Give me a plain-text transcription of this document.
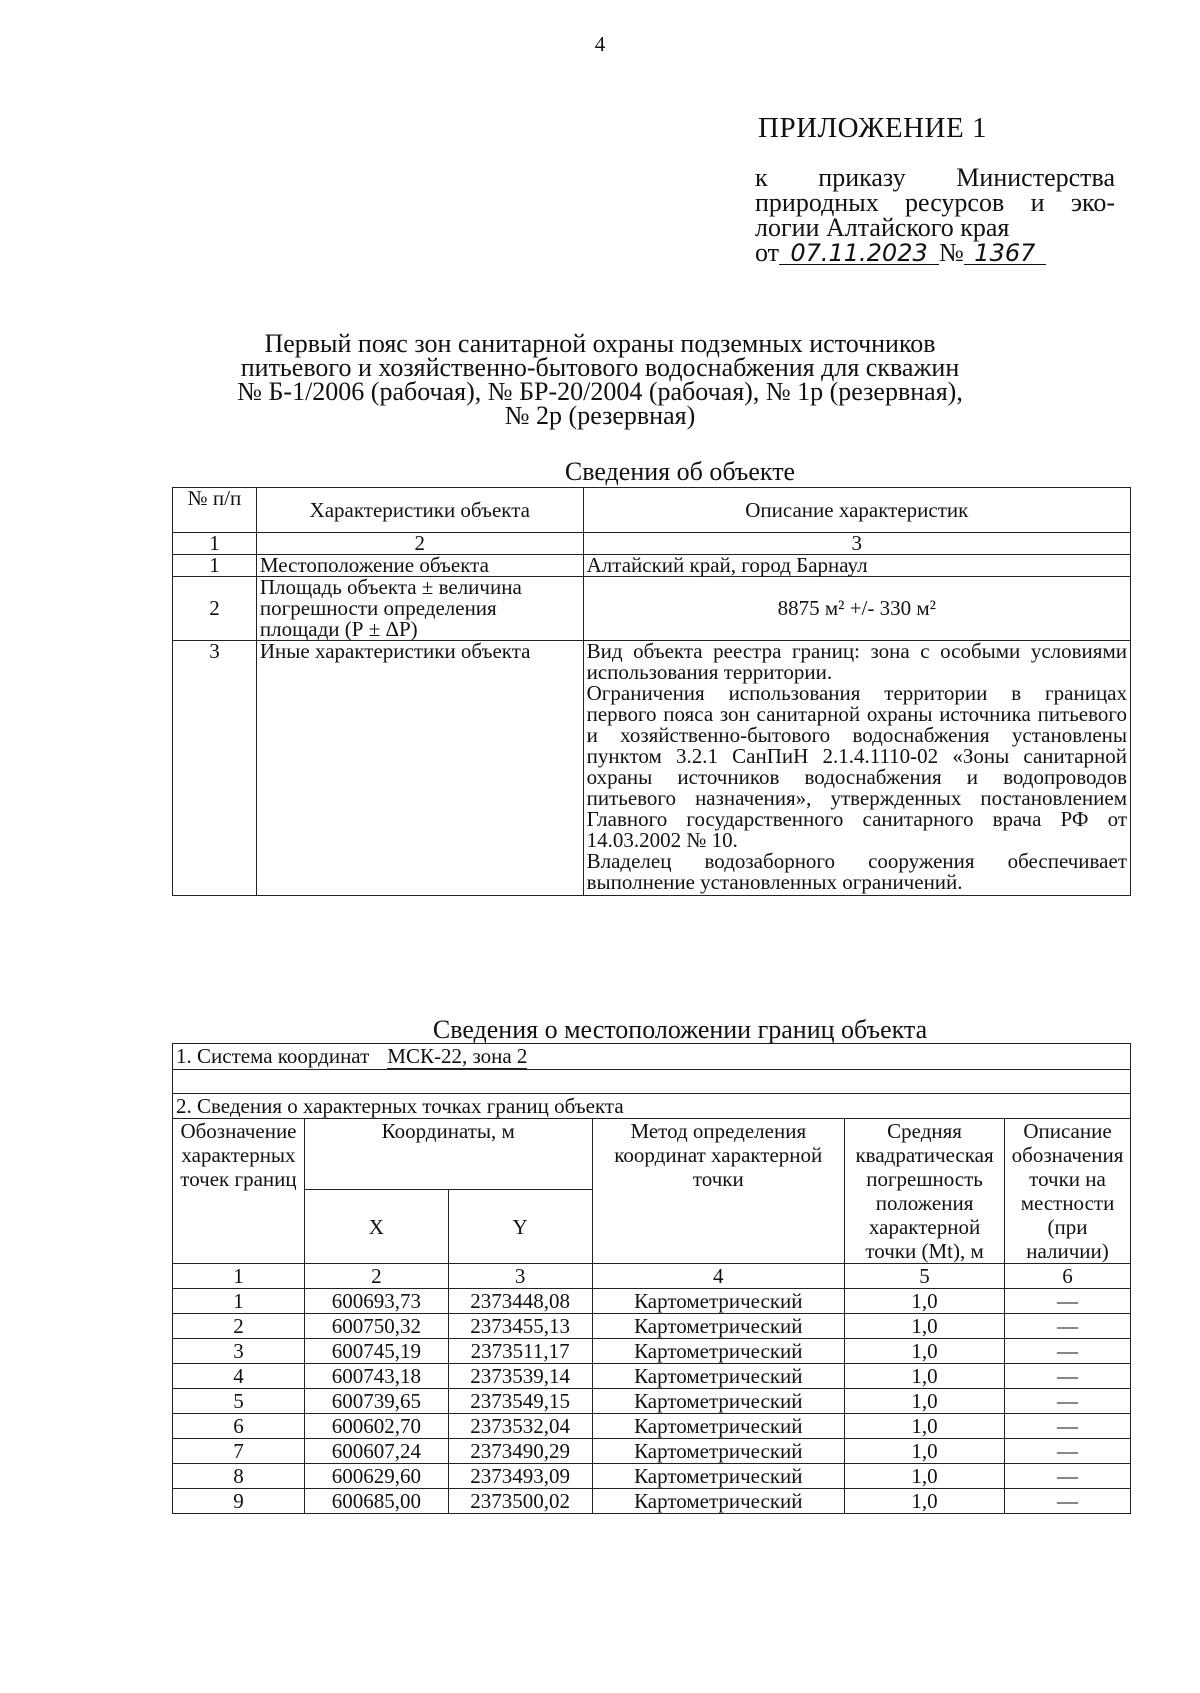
4
ПРИЛОЖЕНИЕ 1
к приказу Министерства
природных ресурсов и эко-
логии Алтайского края
от 07.11.2023 № 1367
Первый пояс зон санитарной охраны подземных источников
питьевого и хозяйственно-бытового водоснабжения для скважин
№ Б-1/2006 (рабочая), № БР-20/2004 (рабочая), № 1р (резервная),
№ 2р (резервная)
Сведения об объекте
№ п/п	Характеристики объекта	Описание характеристик
1	2	3
1	Местоположение объекта	Алтайский край, город Барнаул
2	Площадь объекта ± величина погрешности определения площади (Р ± ΔР)	8875 м² +/- 330 м²
3	Иные характеристики объекта	Вид объекта реестра границ: зона с особыми условиями использования территории.
Ограничения использования территории в границах первого пояса зон санитарной охраны источника питьевого и хозяйственно-бытового водоснабжения установлены пунктом 3.2.1 СанПиН 2.1.4.1110-02 «Зоны санитарной охраны источников водоснабжения и водопроводов питьевого назначения», утвержденных постановлением Главного государственного санитарного врача РФ от 14.03.2002 № 10.
Владелец водозаборного сооружения обеспечивает выполнение установленных ограничений.
Сведения о местоположении границ объекта
1. Система координат МСК-22, зона 2					

2. Сведения о характерных точках границ объекта					
Обозначение характерных точек границ	Координаты, м		Метод определения координат характерной точки	Средняя квадратическая погрешность положения характерной точки (Mt), м	Описание обозначения точки на местности (при наличии)
	X	Y			
1	2	3	4	5	6
1	600693,73	2373448,08	Картометрический	1,0	—
2	600750,32	2373455,13	Картометрический	1,0	—
3	600745,19	2373511,17	Картометрический	1,0	—
4	600743,18	2373539,14	Картометрический	1,0	—
5	600739,65	2373549,15	Картометрический	1,0	—
6	600602,70	2373532,04	Картометрический	1,0	—
7	600607,24	2373490,29	Картометрический	1,0	—
8	600629,60	2373493,09	Картометрический	1,0	—
9	600685,00	2373500,02	Картометрический	1,0	—
